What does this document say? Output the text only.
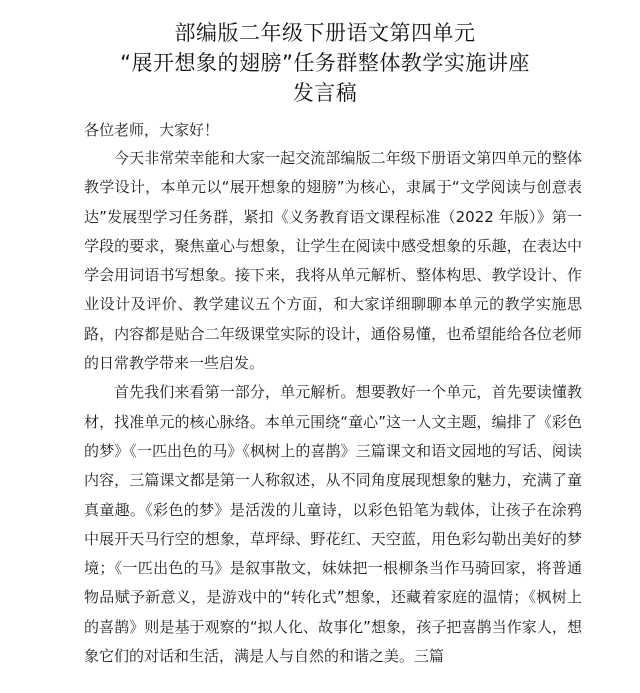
部编版二年级下册语文第四单元
“展开想象的翅膀”任务群整体教学实施讲座
发言稿

各位老师，大家好！

今天非常荣幸能和大家一起交流部编版二年级下册语文第四单元的整体教学设计，本单元以“展开想象的翅膀”为核心，隶属于“文学阅读与创意表达”发展型学习任务群，紧扣《义务教育语文课程标准（2022 年版）》第一学段的要求，聚焦童心与想象，让学生在阅读中感受想象的乐趣，在表达中学会用词语书写想象。接下来，我将从单元解析、整体构思、教学设计、作业设计及评价、教学建议五个方面，和大家详细聊聊本单元的教学实施思路，内容都是贴合二年级课堂实际的设计，通俗易懂，也希望能给各位老师的日常教学带来一些启发。

首先我们来看第一部分，单元解析。想要教好一个单元，首先要读懂教材，找准单元的核心脉络。本单元围绕“童心”这一人文主题，编排了《彩色的梦》《一匹出色的马》《枫树上的喜鹊》三篇课文和语文园地的写话、阅读内容，三篇课文都是第一人称叙述，从不同角度展现想象的魅力，充满了童真童趣。《彩色的梦》是活泼的儿童诗，以彩色铅笔为载体，让孩子在涂鸦中展开天马行空的想象，草坪绿、野花红、天空蓝，用色彩勾勒出美好的梦境；《一匹出色的马》是叙事散文，妹妹把一根柳条当作马骑回家，将普通物品赋予新意义，是游戏中的“转化式”想象，还藏着家庭的温情；《枫树上的喜鹊》则是基于观察的“拟人化、故事化”想象，孩子把喜鹊当作家人，想象它们的对话和生活，满是人与自然的和谐之美。三篇
